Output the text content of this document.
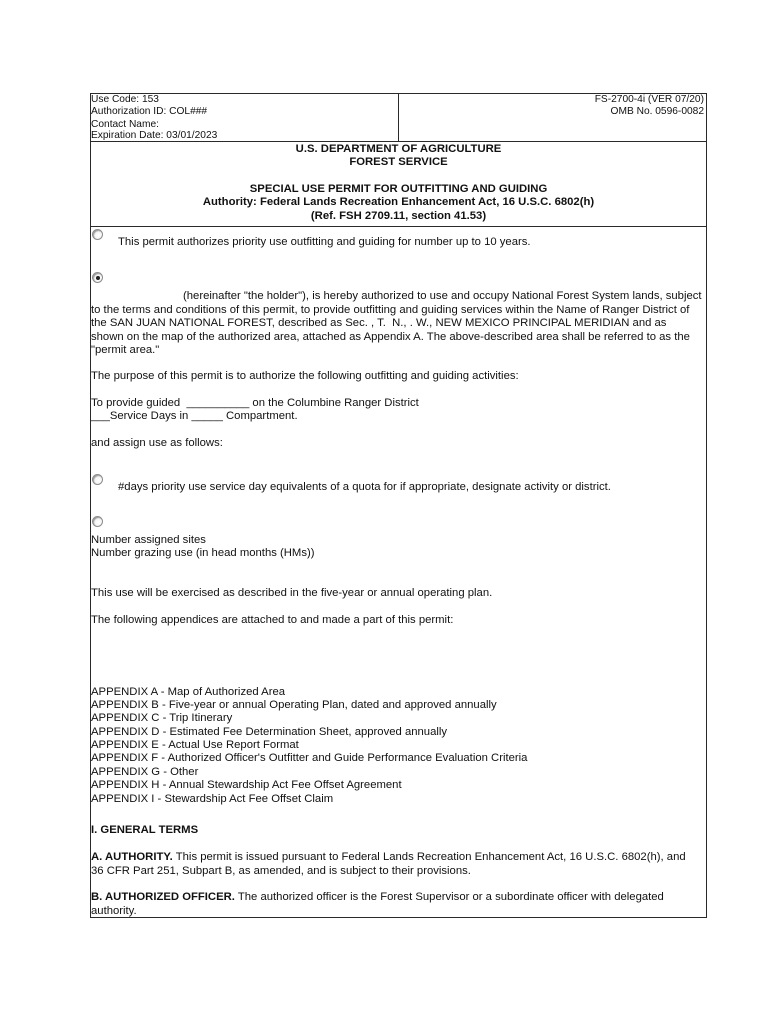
Use Code: 153
Authorization ID: COL###
Contact Name:
Expiration Date: 03/01/2023
FS-2700-4i (VER 07/20)
OMB No. 0596-0082
U.S. DEPARTMENT OF AGRICULTURE
FOREST SERVICE
SPECIAL USE PERMIT FOR OUTFITTING AND GUIDING
Authority: Federal Lands Recreation Enhancement Act, 16 U.S.C. 6802(h)
(Ref. FSH 2709.11, section 41.53)
This permit authorizes priority use outfitting and guiding for number up to 10 years.
(hereinafter "the holder"), is hereby authorized to use and occupy National Forest System lands, subject
to the terms and conditions of this permit, to provide outfitting and guiding services within the Name of Ranger District of
the SAN JUAN NATIONAL FOREST, described as Sec. , T.  N., . W., NEW MEXICO PRINCIPAL MERIDIAN and as
shown on the map of the authorized area, attached as Appendix A. The above-described area shall be referred to as the
"permit area."
The purpose of this permit is to authorize the following outfitting and guiding activities:
To provide guided  __________ on the Columbine Ranger District
___Service Days in _____ Compartment.
and assign use as follows:
#days priority use service day equivalents of a quota for if appropriate, designate activity or district.
Number assigned sites
Number grazing use (in head months (HMs))
This use will be exercised as described in the five-year or annual operating plan.
The following appendices are attached to and made a part of this permit:
APPENDIX A - Map of Authorized Area
APPENDIX B - Five-year or annual Operating Plan, dated and approved annually
APPENDIX C - Trip Itinerary
APPENDIX D - Estimated Fee Determination Sheet, approved annually
APPENDIX E - Actual Use Report Format
APPENDIX F - Authorized Officer's Outfitter and Guide Performance Evaluation Criteria
APPENDIX G - Other
APPENDIX H - Annual Stewardship Act Fee Offset Agreement
APPENDIX I - Stewardship Act Fee Offset Claim
I. GENERAL TERMS
A. AUTHORITY. This permit is issued pursuant to Federal Lands Recreation Enhancement Act, 16 U.S.C. 6802(h), and
36 CFR Part 251, Subpart B, as amended, and is subject to their provisions.
B. AUTHORIZED OFFICER. The authorized officer is the Forest Supervisor or a subordinate officer with delegated
authority.
